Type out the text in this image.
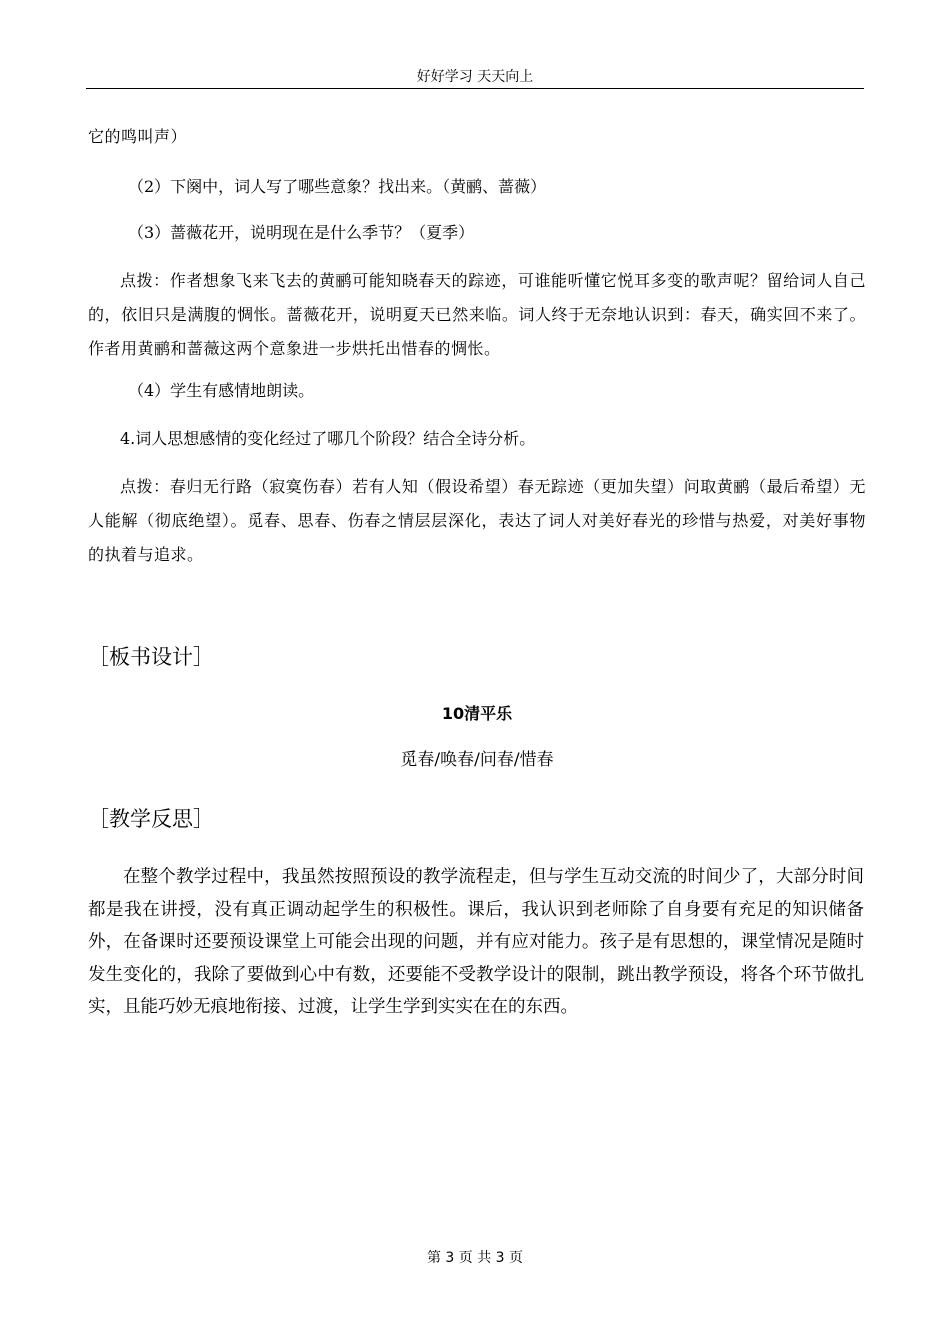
好好学习 天天向上

它的鸣叫声）

（2）下阕中，词人写了哪些意象？找出来。（黄鹂、蔷薇）

（3）蔷薇花开，说明现在是什么季节？（夏季）

点拨：作者想象飞来飞去的黄鹂可能知晓春天的踪迹，可谁能听懂它悦耳多变的歌声呢？留给词人自己的，依旧只是满腹的惆怅。蔷薇花开，说明夏天已然来临。词人终于无奈地认识到：春天，确实回不来了。作者用黄鹂和蔷薇这两个意象进一步烘托出惜春的惆怅。

（4）学生有感情地朗读。

4.词人思想感情的变化经过了哪几个阶段？结合全诗分析。

点拨：春归无行路（寂寞伤春）若有人知（假设希望）春无踪迹（更加失望）问取黄鹂（最后希望）无人能解（彻底绝望）。觅春、思春、伤春之情层层深化，表达了词人对美好春光的珍惜与热爱，对美好事物的执着与追求。

［板书设计］
10清平乐
觅春/唤春/问春/惜春
［教学反思］
在整个教学过程中，我虽然按照预设的教学流程走，但与学生互动交流的时间少了，大部分时间都是我在讲授，没有真正调动起学生的积极性。课后，我认识到老师除了自身要有充足的知识储备外，在备课时还要预设课堂上可能会出现的问题，并有应对能力。孩子是有思想的，课堂情况是随时发生变化的，我除了要做到心中有数，还要能不受教学设计的限制，跳出教学预设，将各个环节做扎实，且能巧妙无痕地衔接、过渡，让学生学到实实在在的东西。
第 3 页 共 3 页
